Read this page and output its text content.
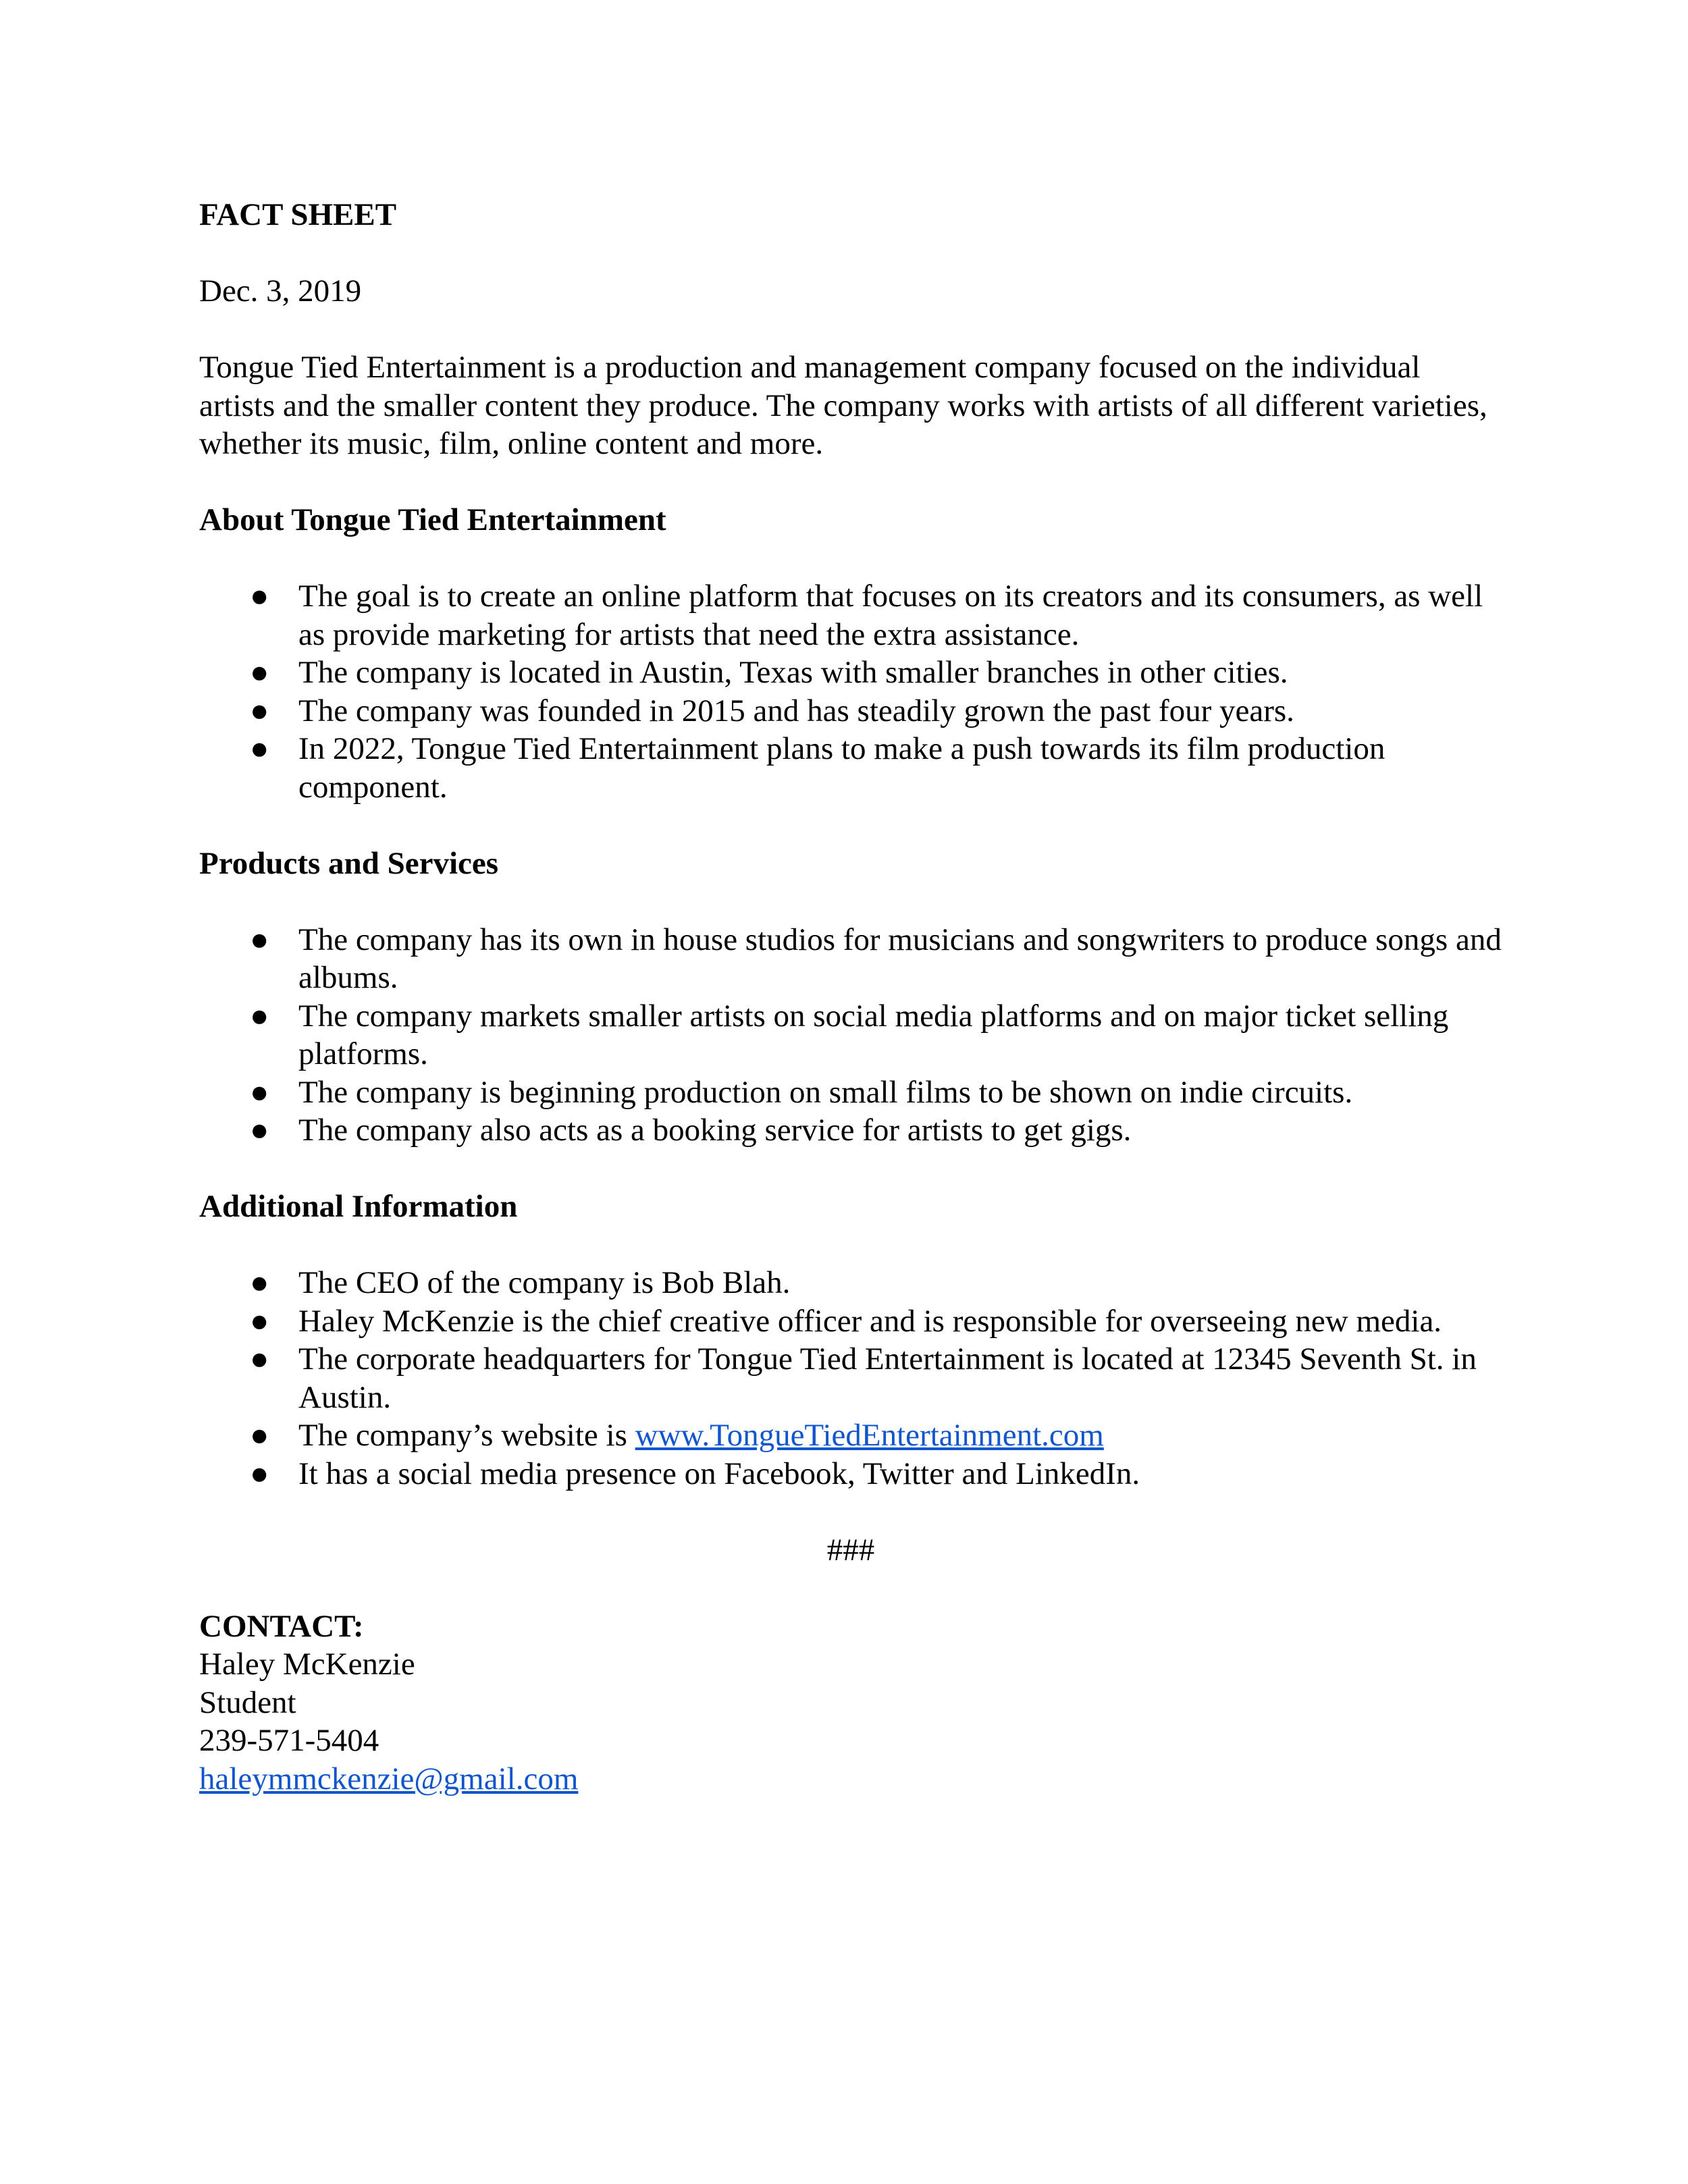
FACT SHEET
Dec. 3, 2019
Tongue Tied Entertainment is a production and management company focused on the individual artists and the smaller content they produce. The company works with artists of all different varieties, whether its music, film, online content and more.
About Tongue Tied Entertainment
● The goal is to create an online platform that focuses on its creators and its consumers, as well as provide marketing for artists that need the extra assistance.
● The company is located in Austin, Texas with smaller branches in other cities.
● The company was founded in 2015 and has steadily grown the past four years.
● In 2022, Tongue Tied Entertainment plans to make a push towards its film production component.
Products and Services
● The company has its own in house studios for musicians and songwriters to produce songs and albums.
● The company markets smaller artists on social media platforms and on major ticket selling platforms.
● The company is beginning production on small films to be shown on indie circuits.
● The company also acts as a booking service for artists to get gigs.
Additional Information
● The CEO of the company is Bob Blah.
● Haley McKenzie is the chief creative officer and is responsible for overseeing new media.
● The corporate headquarters for Tongue Tied Entertainment is located at 12345 Seventh St. in Austin.
● The company’s website is www.TongueTiedEntertainment.com
● It has a social media presence on Facebook, Twitter and LinkedIn.
###
CONTACT:
Haley McKenzie
Student
239-571-5404
haleymmckenzie@gmail.com
